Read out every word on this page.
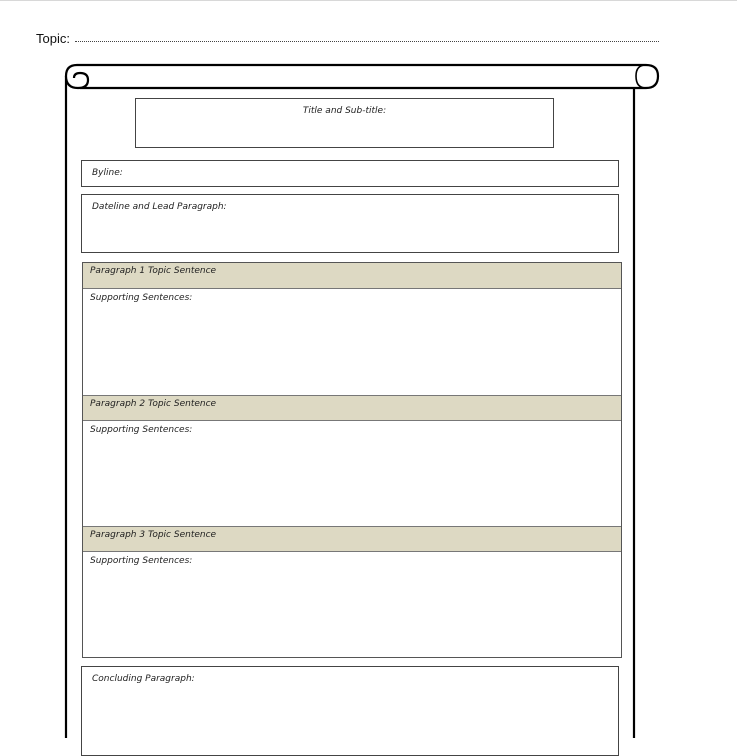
Topic:
Title and Sub-title:
Byline:
Dateline and Lead Paragraph:
Paragraph 1 Topic Sentence
Supporting Sentences:
Paragraph 2 Topic Sentence
Supporting Sentences:
Paragraph 3 Topic Sentence
Supporting Sentences:
Concluding Paragraph:
